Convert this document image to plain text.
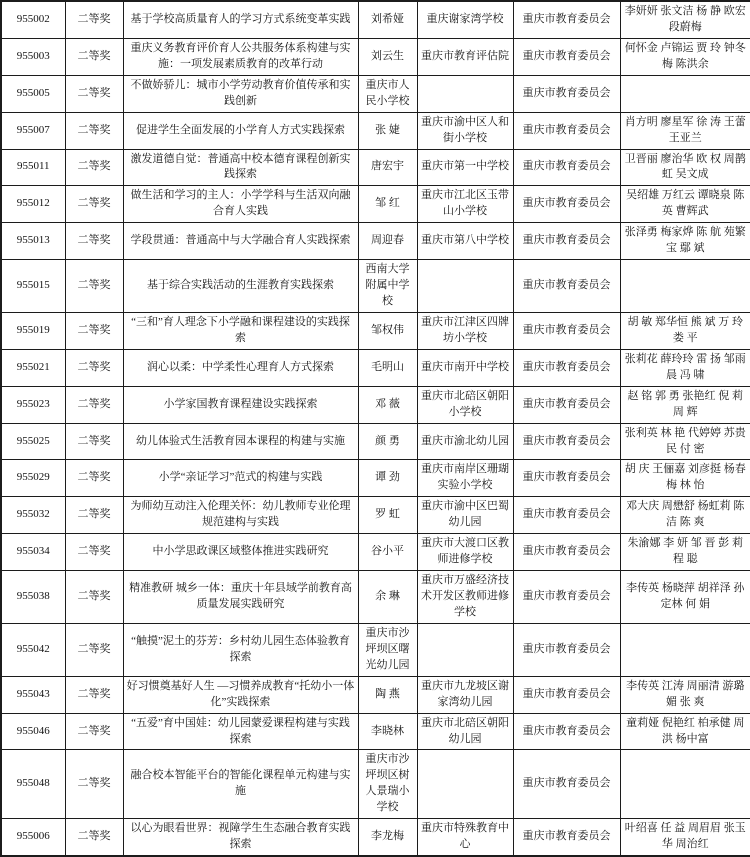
955002	二等奖	基于学校高质量育人的学习方式系统变革实践	刘希娅	重庆谢家湾学校	重庆市教育委员会	李妍妍 张文洁 杨 静 欧宏 段蔚梅
955003	二等奖	重庆义务教育评价育人公共服务体系构建与实施：一项发展素质教育的改革行动	刘云生	重庆市教育评估院	重庆市教育委员会	何怀金 卢锦运 贾 玲 钟冬梅 陈洪余
955005	二等奖	不做娇骄儿：城市小学劳动教育价值传承和实践创新	重庆市人民小学校		重庆市教育委员会	
955007	二等奖	促进学生全面发展的小学育人方式实践探索	张 婕	重庆市渝中区人和街小学校	重庆市教育委员会	肖方明 廖星军 徐 涛 王蕾 王亚兰
955011	二等奖	激发道德自觉：普通高中校本德育课程创新实践探索	唐宏宇	重庆市第一中学校	重庆市教育委员会	卫晋丽 廖治华 欧 权 周鹊虹 吴文成
955012	二等奖	做生活和学习的主人：小学学科与生活双向融合育人实践	邹 红	重庆市江北区玉带山小学校	重庆市教育委员会	吴绍雄 万红云 谭晓泉 陈英 曹辉武
955013	二等奖	学段贯通：普通高中与大学融合育人实践探索	周迎春	重庆市第八中学校	重庆市教育委员会	张泽勇 梅家烨 陈 航 苑繁宝 鄢 斌
955015	二等奖	基于综合实践活动的生涯教育实践探索	西南大学附属中学校		重庆市教育委员会	
955019	二等奖	“三和”育人理念下小学融和课程建设的实践探索	邹权伟	重庆市江津区四牌坊小学校	重庆市教育委员会	胡 敏 郑华恒 熊 斌 万 玲 娄 平
955021	二等奖	润心以柔：中学柔性心理育人方式探索	毛明山	重庆市南开中学校	重庆市教育委员会	张莉花 薛玲玲 雷 扬 邹雨晨 冯 啸
955023	二等奖	小学家国教育课程建设实践探索	邓 薇	重庆市北碚区朝阳小学校	重庆市教育委员会	赵 铭 郭 勇 张艳红 倪 莉 周 辉
955025	二等奖	幼儿体验式生活教育园本课程的构建与实施	颜 勇	重庆市渝北幼儿园	重庆市教育委员会	张利英 林 艳 代婷婷 苏贵民 付 密
955029	二等奖	小学“亲证学习”范式的构建与实践	谭 劲	重庆市南岸区珊瑚实验小学校	重庆市教育委员会	胡 庆 王俪嘉 刘彦挺 杨春梅 林 怡
955032	二等奖	为师幼互动注入伦理关怀：幼儿教师专业伦理规范建构与实践	罗 虹	重庆市渝中区巴蜀幼儿园	重庆市教育委员会	邓大庆 周懋舒 杨虹莉 陈洁 陈 爽
955034	二等奖	中小学思政课区域整体推进实践研究	谷小平	重庆市大渡口区教师进修学校	重庆市教育委员会	朱渝娜 李 妍 邹 晋 彭 莉 程 聪
955038	二等奖	精准教研 城乡一体：重庆十年县域学前教育高质量发展实践研究	余 琳	重庆市万盛经济技术开发区教师进修学校	重庆市教育委员会	李传英 杨晓萍 胡祥泽 孙定林 何 娟
955042	二等奖	“触摸”泥土的芬芳：乡村幼儿园生态体验教育探索	重庆市沙坪坝区曙光幼儿园		重庆市教育委员会	
955043	二等奖	好习惯奠基好人生 —习惯养成教育“托幼小一体化”实践探索	陶 燕	重庆市九龙坡区谢家湾幼儿园	重庆市教育委员会	李传英 江涛 周丽清 游璐媚 张 爽
955046	二等奖	“五爱”育中国娃：幼儿园蒙爱课程构建与实践探索	李晓林	重庆市北碚区朝阳幼儿园	重庆市教育委员会	童莉娅 倪艳红 柏承健 周洪 杨中富
955048	二等奖	融合校本智能平台的智能化课程单元构建与实施	重庆市沙坪坝区树人景瑞小学校		重庆市教育委员会	
955006	二等奖	以心为眼看世界：视障学生生态融合教育实践探索	李龙梅	重庆市特殊教育中心	重庆市教育委员会	叶绍喜 任 益 周眉眉 张玉华 周治红
